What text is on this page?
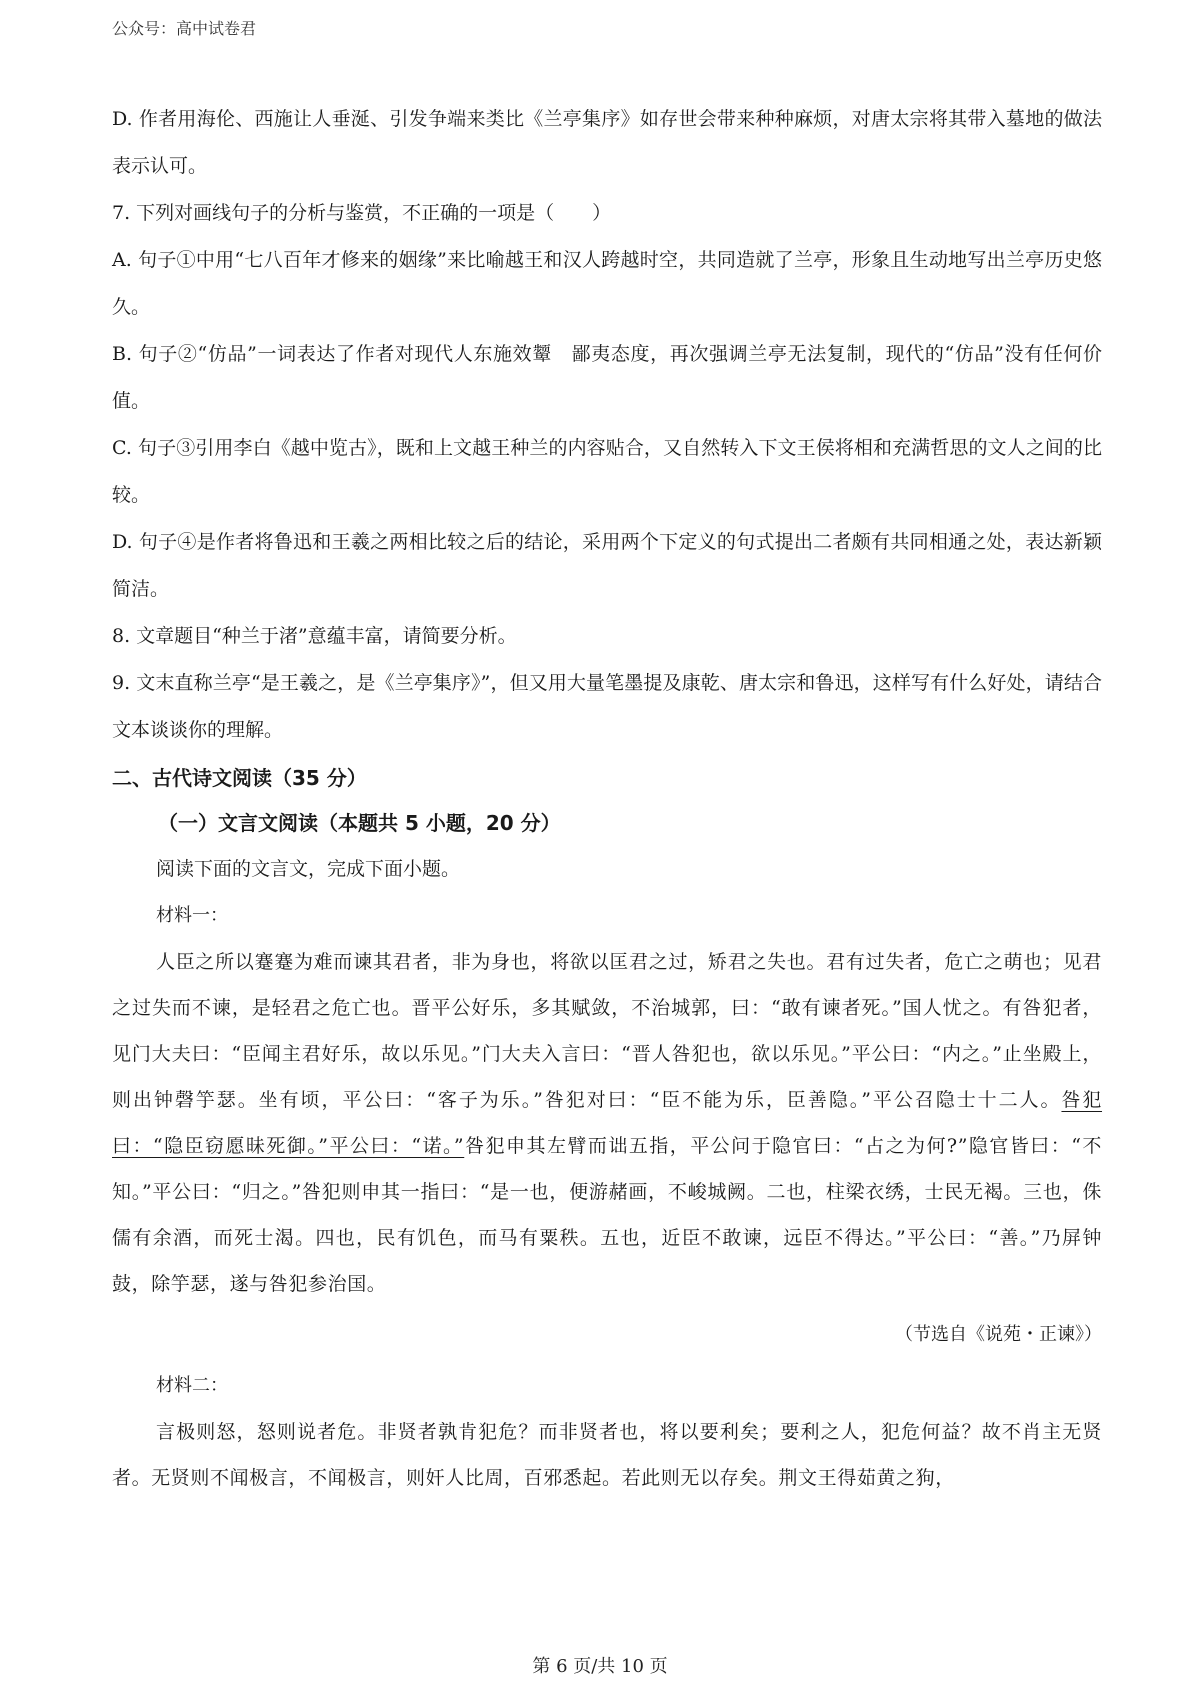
公众号：高中试卷君

D. 作者用海伦、西施让人垂涎、引发争端来类比《兰亭集序》如存世会带来种种麻烦，对唐太宗将其带入墓地的做法表示认可。

7. 下列对画线句子的分析与鉴赏，不正确的一项是（　　）

A. 句子①中用“七八百年才修来的姻缘”来比喻越王和汉人跨越时空，共同造就了兰亭，形象且生动地写出兰亭历史悠久。

B. 句子②“仿品”一词表达了作者对现代人东施效颦　鄙夷态度，再次强调兰亭无法复制，现代的“仿品”没有任何价值。

C. 句子③引用李白《越中览古》，既和上文越王种兰的内容贴合，又自然转入下文王侯将相和充满哲思的文人之间的比较。

D. 句子④是作者将鲁迅和王羲之两相比较之后的结论，采用两个下定义的句式提出二者颇有共同相通之处，表达新颖简洁。

8. 文章题目“种兰于渚”意蕴丰富，请简要分析。

9. 文末直称兰亭“是王羲之，是《兰亭集序》”，但又用大量笔墨提及康乾、唐太宗和鲁迅，这样写有什么好处，请结合文本谈谈你的理解。

二、古代诗文阅读（35 分）

（一）文言文阅读（本题共 5 小题，20 分）

阅读下面的文言文，完成下面小题。

材料一：

人臣之所以蹇蹇为难而谏其君者，非为身也，将欲以匡君之过，矫君之失也。君有过失者，危亡之萌也；见君之过失而不谏，是轻君之危亡也。晋平公好乐，多其赋敛，不治城郭，曰：“敢有谏者死。”国人忧之。有咎犯者，见门大夫曰：“臣闻主君好乐，故以乐见。”门大夫入言曰：“晋人咎犯也，欲以乐见。”平公曰：“内之。”止坐殿上，则出钟磬竽瑟。坐有顷，平公曰：“客子为乐。”咎犯对曰：“臣不能为乐，臣善隐。”平公召隐士十二人。咎犯曰：“隐臣窃愿昧死御。”平公曰：“诺。”咎犯申其左臂而诎五指，平公问于隐官曰：“占之为何?”隐官皆曰：“不知。”平公曰：“归之。”咎犯则申其一指曰：“是一也，便游赭画，不峻城阙。二也，柱梁衣绣，士民无褐。三也，侏儒有余酒，而死士渴。四也，民有饥色，而马有粟秩。五也，近臣不敢谏，远臣不得达。”平公曰：“善。”乃屏钟鼓，除竽瑟，遂与咎犯参治国。

（节选自《说苑・正谏》）

材料二：

言极则怒，怒则说者危。非贤者孰肯犯危？而非贤者也，将以要利矣；要利之人，犯危何益？故不肖主无贤者。无贤则不闻极言，不闻极言，则奸人比周，百邪悉起。若此则无以存矣。荆文王得茹黄之狗，

第 6 页/共 10 页
